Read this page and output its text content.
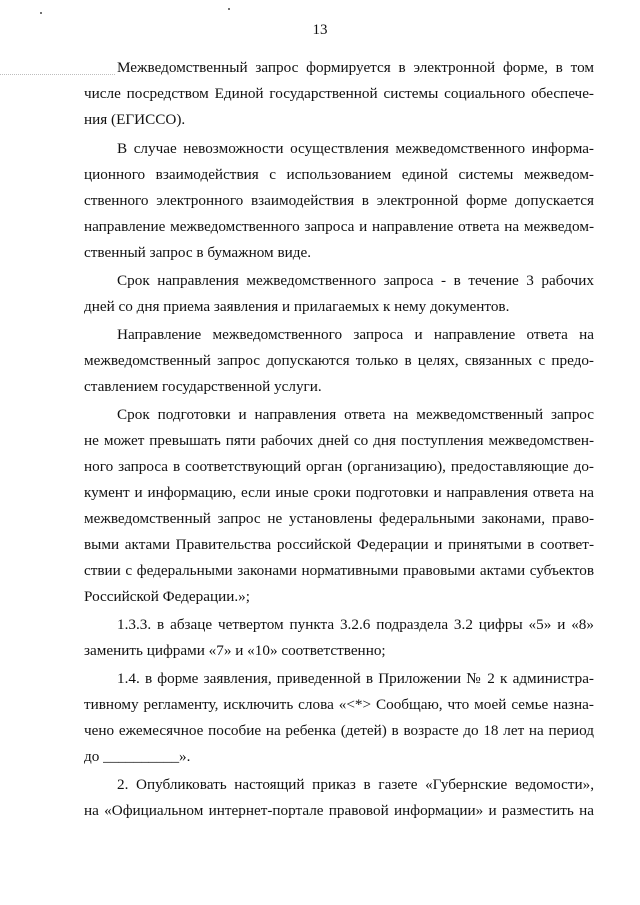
13
Межведомственный запрос формируется в электронной форме, в том
числе посредством Единой государственной системы социального обеспече-
ния (ЕГИССО).
В случае невозможности осуществления межведомственного информа-
ционного взаимодействия с использованием единой системы межведом-
ственного электронного взаимодействия в электронной форме допускается
направление межведомственного запроса и направление ответа на межведом-
ственный запрос в бумажном виде.
Срок направления межведомственного запроса - в течение 3 рабочих
дней со дня приема заявления и прилагаемых к нему документов.
Направление межведомственного запроса и направление ответа на
межведомственный запрос допускаются только в целях, связанных с предо-
ставлением государственной услуги.
Срок подготовки и направления ответа на межведомственный запрос
не может превышать пяти рабочих дней со дня поступления межведомствен-
ного запроса в соответствующий орган (организацию), предоставляющие до-
кумент и информацию, если иные сроки подготовки и направления ответа на
межведомственный запрос не установлены федеральными законами, право-
выми актами Правительства российской Федерации и принятыми в соответ-
ствии с федеральными законами нормативными правовыми актами субъектов
Российской Федерации.»;
1.3.3. в абзаце четвертом пункта 3.2.6 подраздела 3.2 цифры «5» и «8»
заменить цифрами «7» и «10» соответственно;
1.4. в форме заявления, приведенной в Приложении № 2 к администра-
тивному регламенту, исключить слова «<*> Сообщаю, что моей семье назна-
чено ежемесячное пособие на ребенка (детей) в возрасте до 18 лет на период
до __________».
2. Опубликовать настоящий приказ в газете «Губернские ведомости»,
на «Официальном интернет-портале правовой информации» и разместить на
